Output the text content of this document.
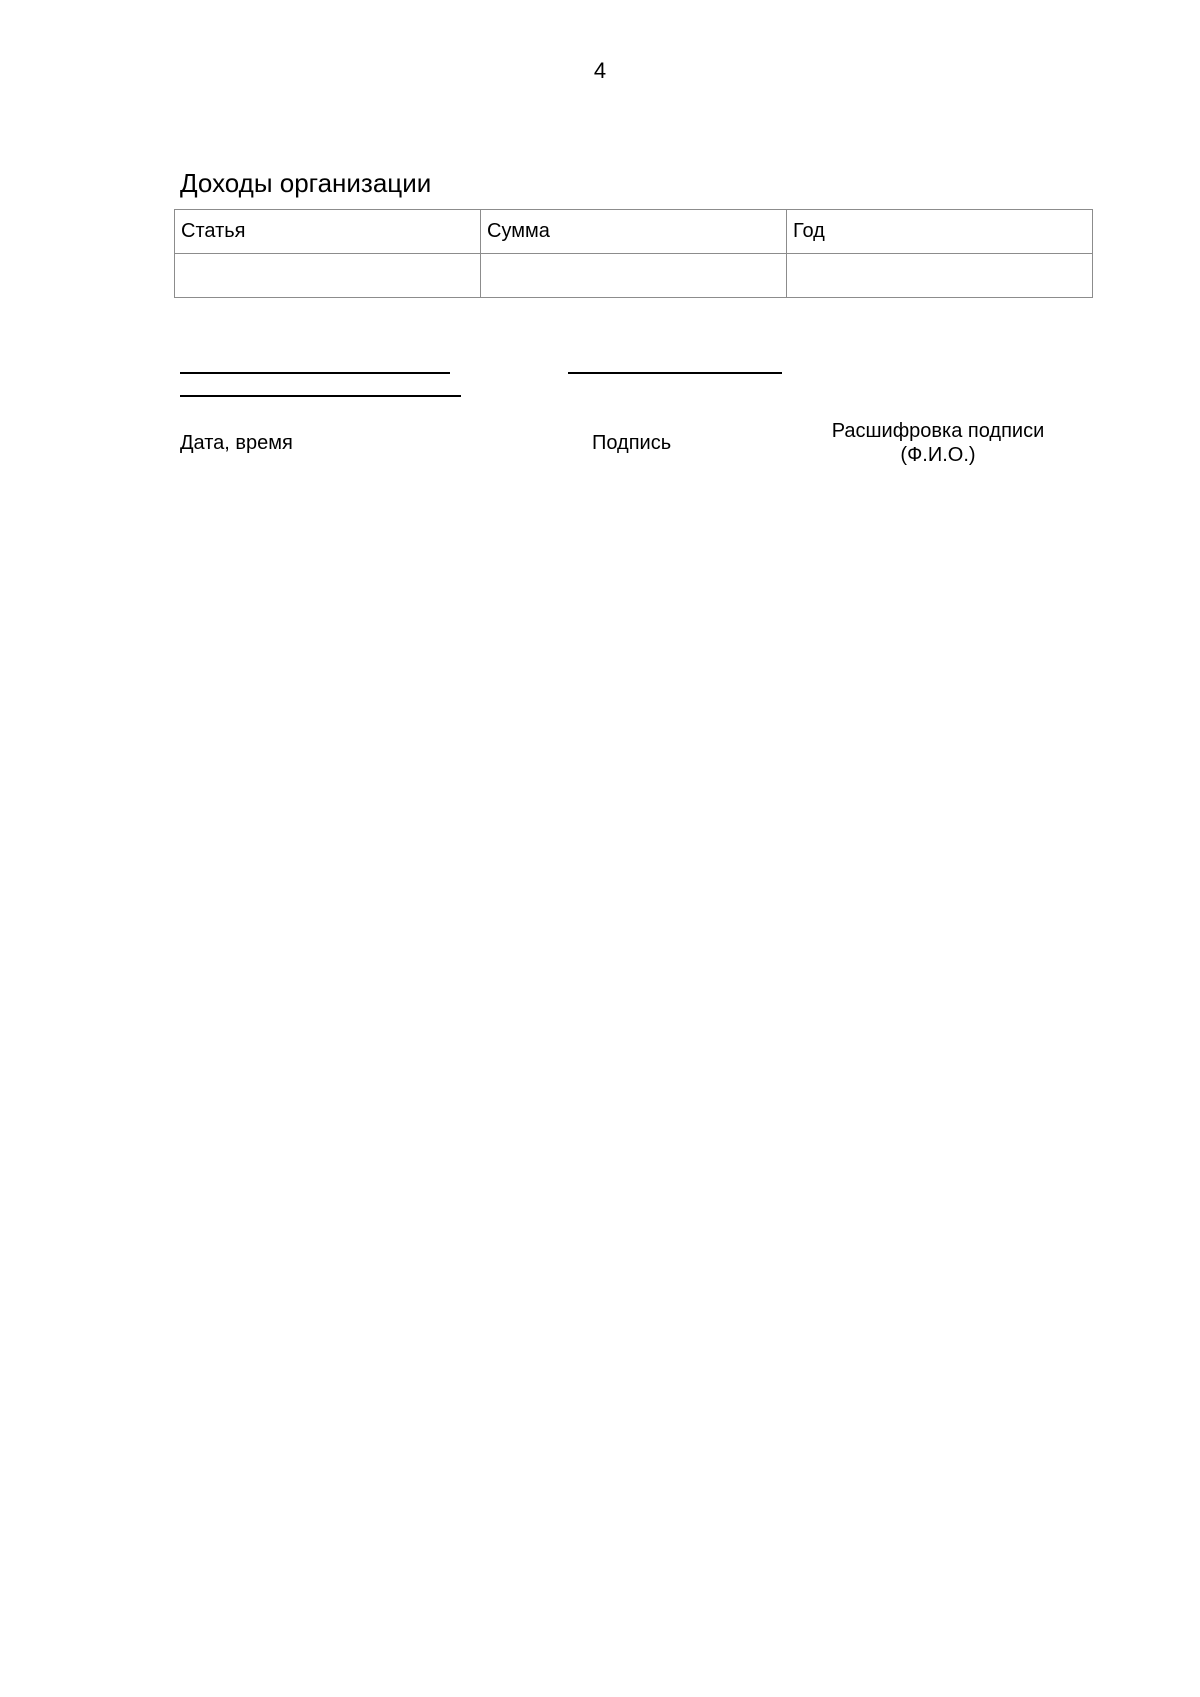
4
Доходы организации
Статья	Сумма	Год

Дата, время	Подпись
Расшифровка подписи
(Ф.И.О.)
